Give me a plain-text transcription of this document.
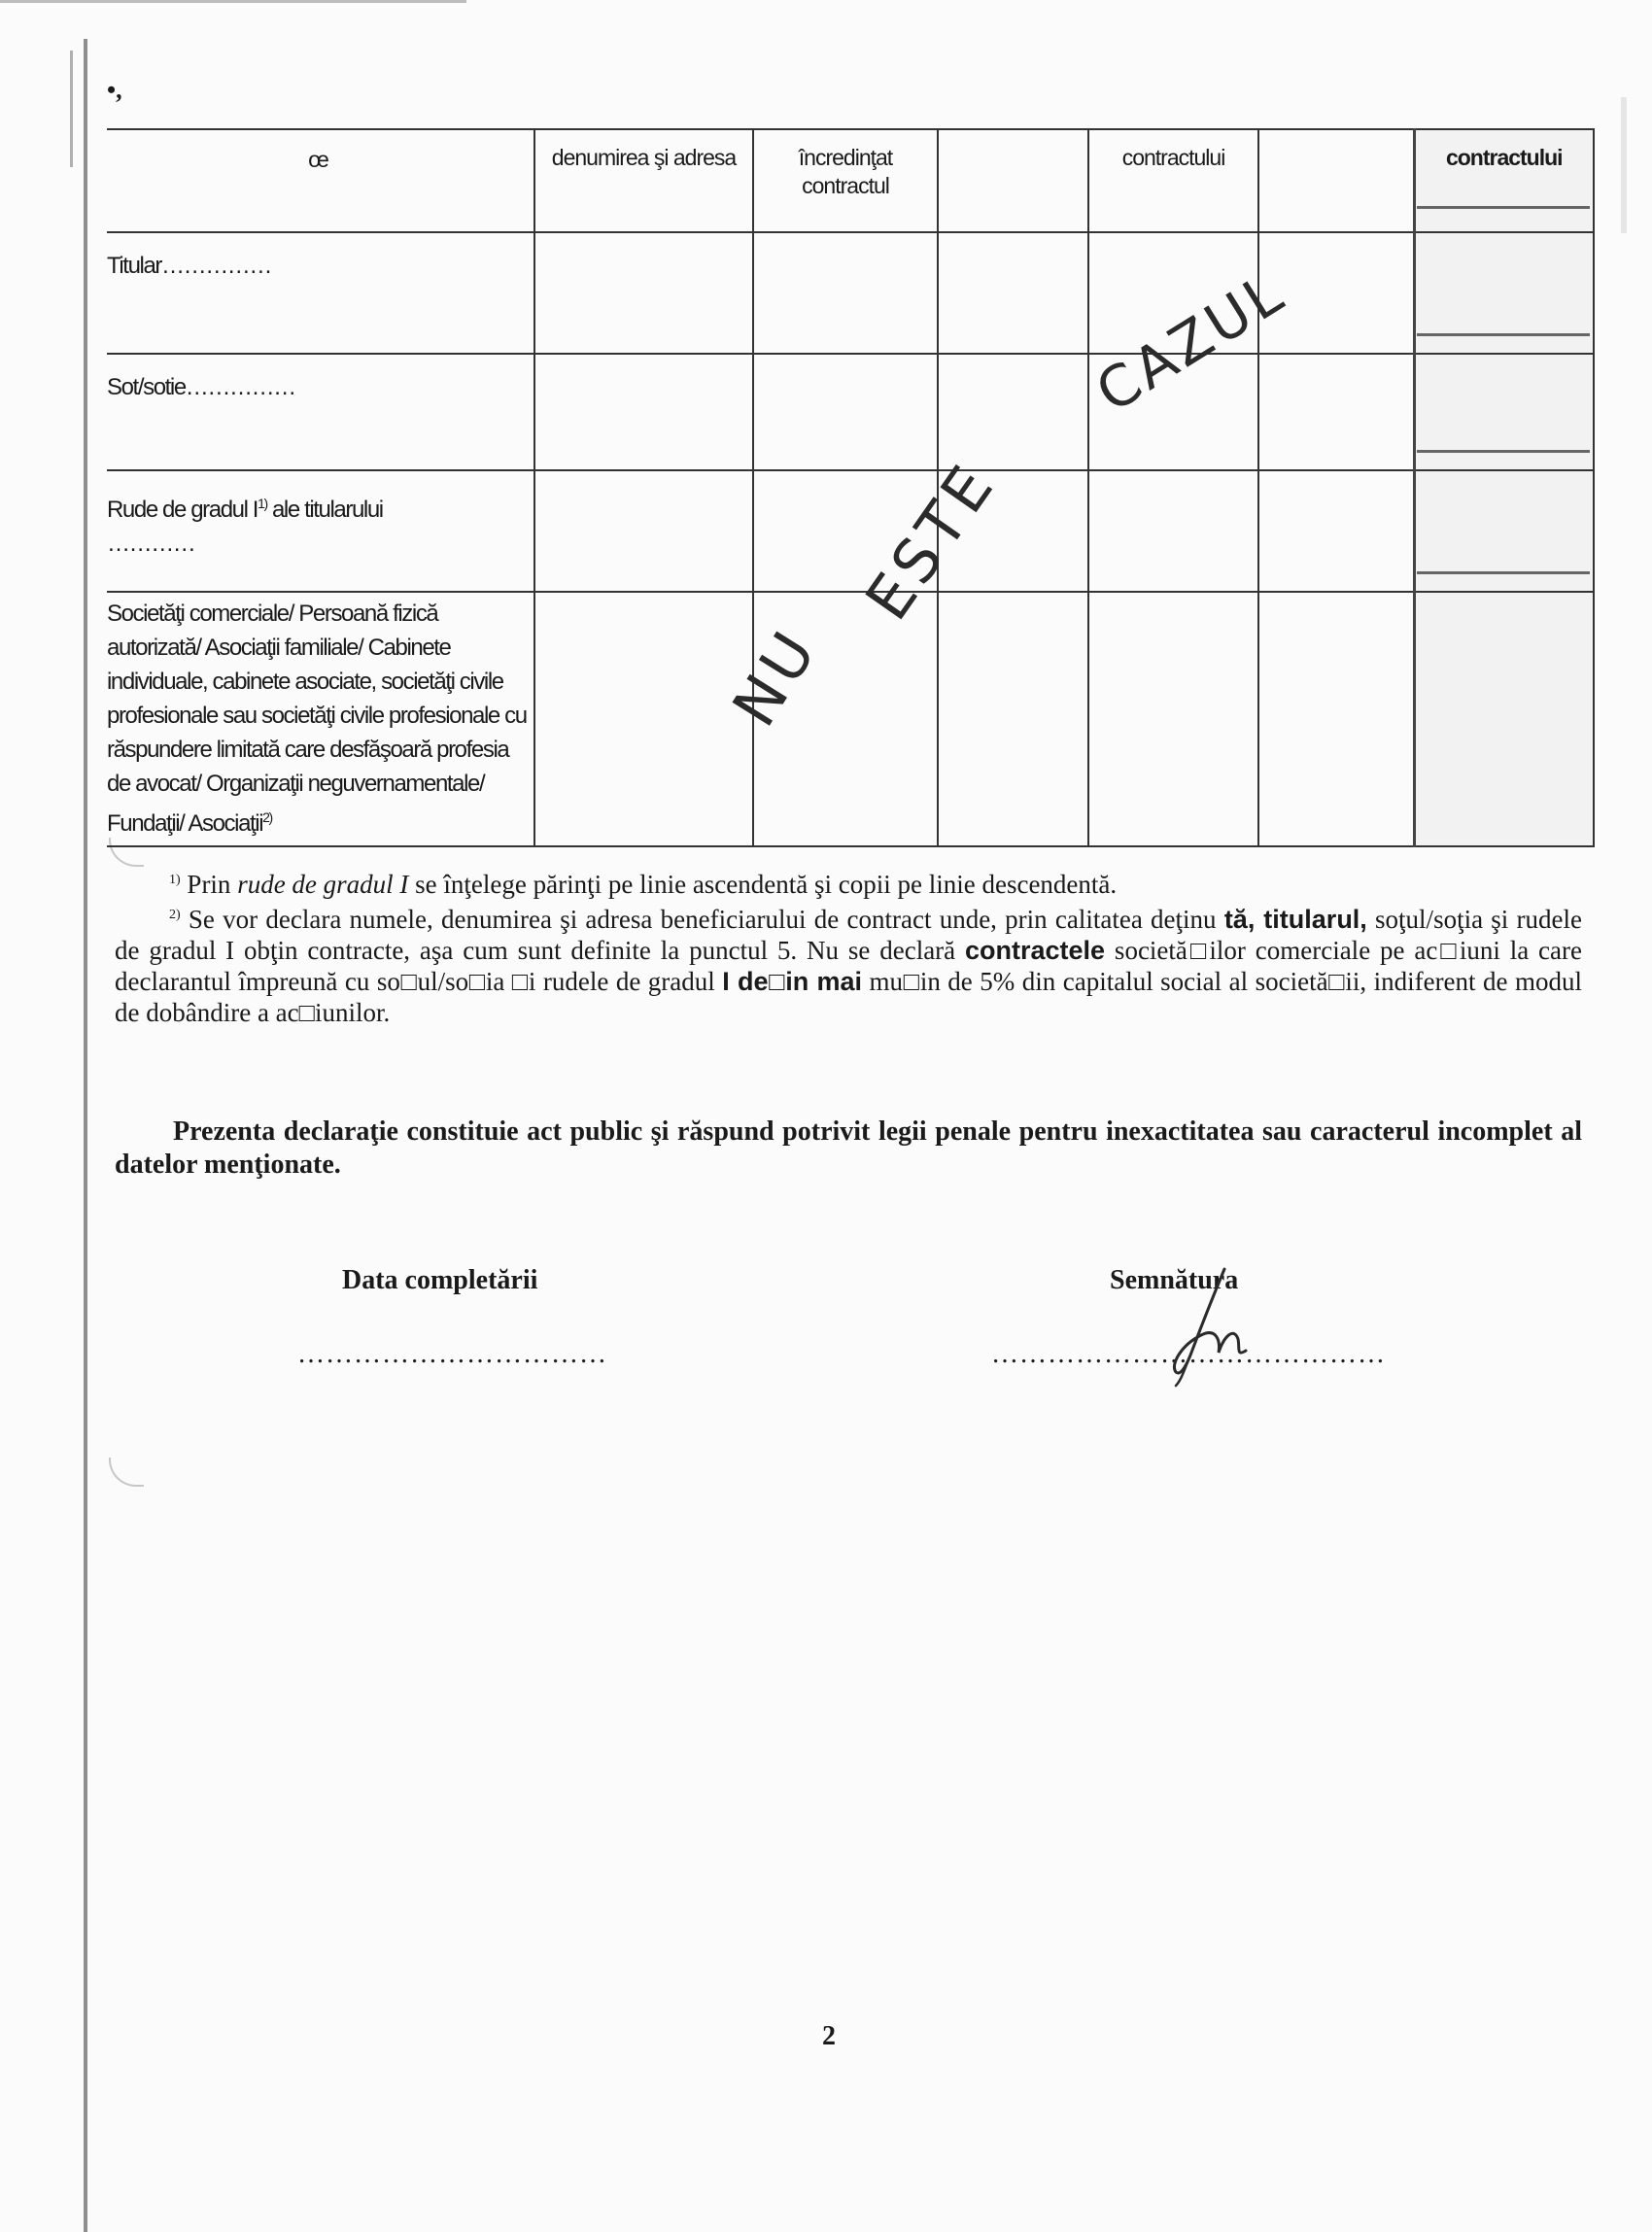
•,
œ	denumirea şi adresa	încredinţat contractul		contractului		contractului
Titular……………						
Sot/sotie……………						
Rude de gradul $I^{1)}$ ale titularului
…………						
Societăţi comerciale/ Persoană fizică autorizată/ Asociaţii familiale/ Cabinete individuale, cabinete asociate, societăţi civile profesionale sau societăţi civile profesionale cu răspundere limitată care desfăşoară profesia de avocat/ Organizaţii neguvernamentale/ Fundaţii/ Asociaţii$^{2)}$						
CAZUL
ESTE
NU

$^{1)}$ Prin rude de gradul I se înţelege părinţi pe linie ascendentă şi copii pe linie descendentă.

$^{2)}$ Se vor declara numele, denumirea şi adresa beneficiarului de contract unde, prin calitatea deţinu tă, titularul, soţul/soţia şi rudele de gradul I obţin contracte, aşa cum sunt definite la punctul 5. Nu se declară contractele societă□ilor comerciale pe ac□iuni la care declarantul împreună cu so□ul/so□ia □i rudele de gradul I de□in mai mu□in de 5% din capitalul social al societă□ii, indiferent de modul de dobândire a ac□iunilor.

Prezenta declaraţie constituie act public şi răspund potrivit legii penale pentru inexactitatea sau caracterul incomplet al datelor menţionate.

Data completării
……………………………
Semnătura
……………………………………
2
